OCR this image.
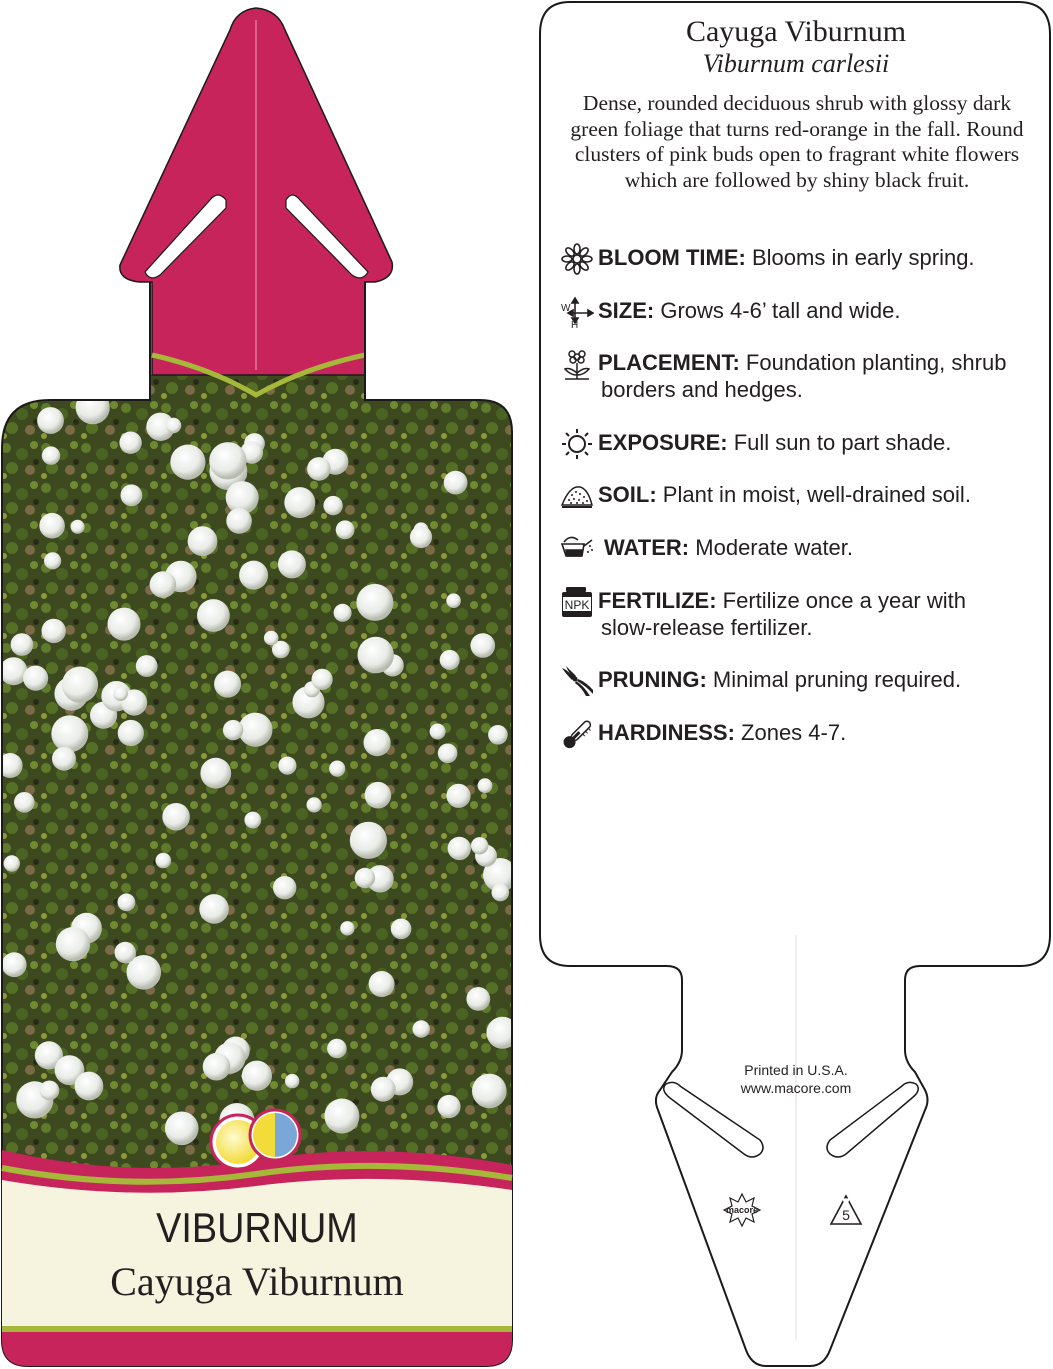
VIBURNUM
Cayuga Viburnum
macore	5
Cayuga Viburnum
Viburnum carlesii
Dense, rounded deciduous shrub with glossy dark green foliage that turns red-orange in the fall. Round clusters of pink buds open to fragrant white flowers which are followed by shiny black fruit.
BLOOM TIME: Blooms in early spring.
W
H
SIZE: Grows 4-6’ tall and wide.
PLACEMENT: Foundation planting, shrub
borders and hedges.
EXPOSURE: Full sun to part shade.
SOIL: Plant in moist, well-drained soil.
WATER: Moderate water.
NPK FERTILIZE: Fertilize once a year with
slow-release fertilizer.
PRUNING: Minimal pruning required.
HARDINESS: Zones 4-7.
Printed in U.S.A.
www.macore.com
